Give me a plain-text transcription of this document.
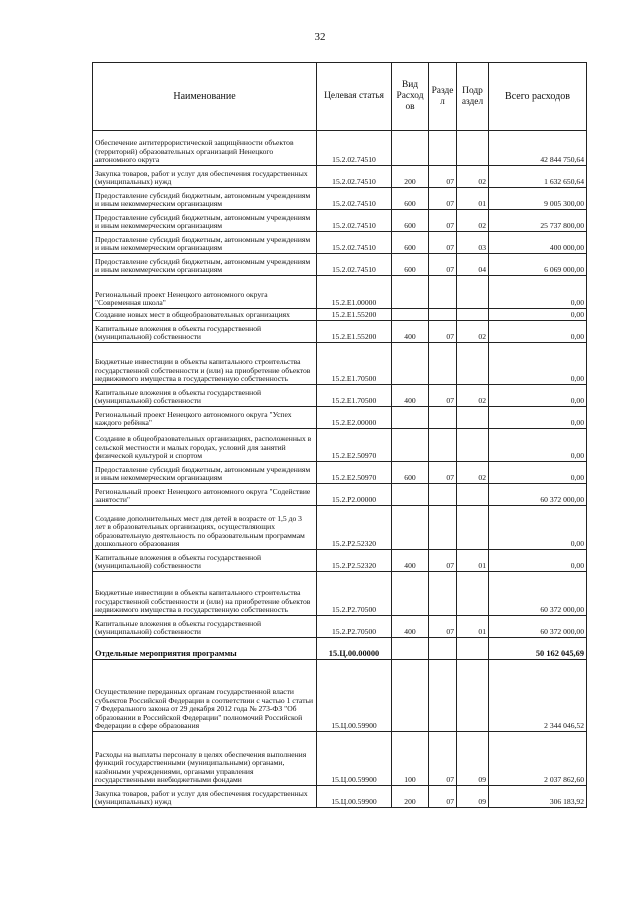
32
Наименование	Целевая статья	Вид Расход ов	Разде л	Подр аздел	Всего расходов
Обеспечение антитеррористической защищённости объектов (территорий) образовательных организаций Ненецкого автономного округа	15.2.02.74510				42 844 750,64
Закупка товаров, работ и услуг для обеспечения государственных (муниципальных) нужд	15.2.02.74510	200	07	02	1 632 650,64
Предоставление субсидий бюджетным, автономным учреждениям и иным некоммерческим организациям	15.2.02.74510	600	07	01	9 005 300,00
Предоставление субсидий бюджетным, автономным учреждениям и иным некоммерческим организациям	15.2.02.74510	600	07	02	25 737 800,00
Предоставление субсидий бюджетным, автономным учреждениям и иным некоммерческим организациям	15.2.02.74510	600	07	03	400 000,00
Предоставление субсидий бюджетным, автономным учреждениям и иным некоммерческим организациям	15.2.02.74510	600	07	04	6 069 000,00
Региональный проект Ненецкого автономного округа "Современная школа"	15.2.Е1.00000				0,00
Создание новых мест в общеобразовательных организациях	15.2.Е1.55200				0,00
Капитальные вложения в объекты государственной (муниципальной) собственности	15.2.Е1.55200	400	07	02	0,00
Бюджетные инвестиции в объекты капитального строительства государственной собственности и (или) на приобретение объектов недвижимого имущества в государственную собственность	15.2.Е1.70500				0,00
Капитальные вложения в объекты государственной (муниципальной) собственности	15.2.Е1.70500	400	07	02	0,00
Региональный проект Ненецкого автономного округа "Успех каждого ребёнка"	15.2.Е2.00000				0,00
Создание в общеобразовательных организациях, расположенных в сельской местности и малых городах, условий для занятий физической культурой и спортом	15.2.Е2.50970				0,00
Предоставление субсидий бюджетным, автономным учреждениям и иным некоммерческим организациям	15.2.Е2.50970	600	07	02	0,00
Региональный проект Ненецкого автономного округа "Содействие занятости"	15.2.Р2.00000				60 372 000,00
Создание дополнительных мест для детей в возрасте от 1,5 до 3 лет в образовательных организациях, осуществляющих образовательную деятельность по образовательным программам дошкольного образования	15.2.Р2.52320				0,00
Капитальные вложения в объекты государственной (муниципальной) собственности	15.2.Р2.52320	400	07	01	0,00
Бюджетные инвестиции в объекты капитального строительства государственной собственности и (или) на приобретение объектов недвижимого имущества в государственную собственность	15.2.Р2.70500				60 372 000,00
Капитальные вложения в объекты государственной (муниципальной) собственности	15.2.Р2.70500	400	07	01	60 372 000,00
Отдельные мероприятия программы	15.Ц.00.00000				50 162 045,69
Осуществление переданных органам государственной власти субъектов Российской Федерации в соответствии с частью 1 статьи 7 Федерального закона от 29 декабря 2012 года № 273-ФЗ "Об образовании в Российской Федерации" полномочий Российской Федерации в сфере образования	15.Ц.00.59900				2 344 046,52
Расходы на выплаты персоналу в целях обеспечения выполнения функций государственными (муниципальными) органами, казёнными учреждениями, органами управления государственными внебюджетными фондами	15.Ц.00.59900	100	07	09	2 037 862,60
Закупка товаров, работ и услуг для обеспечения государственных (муниципальных) нужд	15.Ц.00.59900	200	07	09	306 183,92
